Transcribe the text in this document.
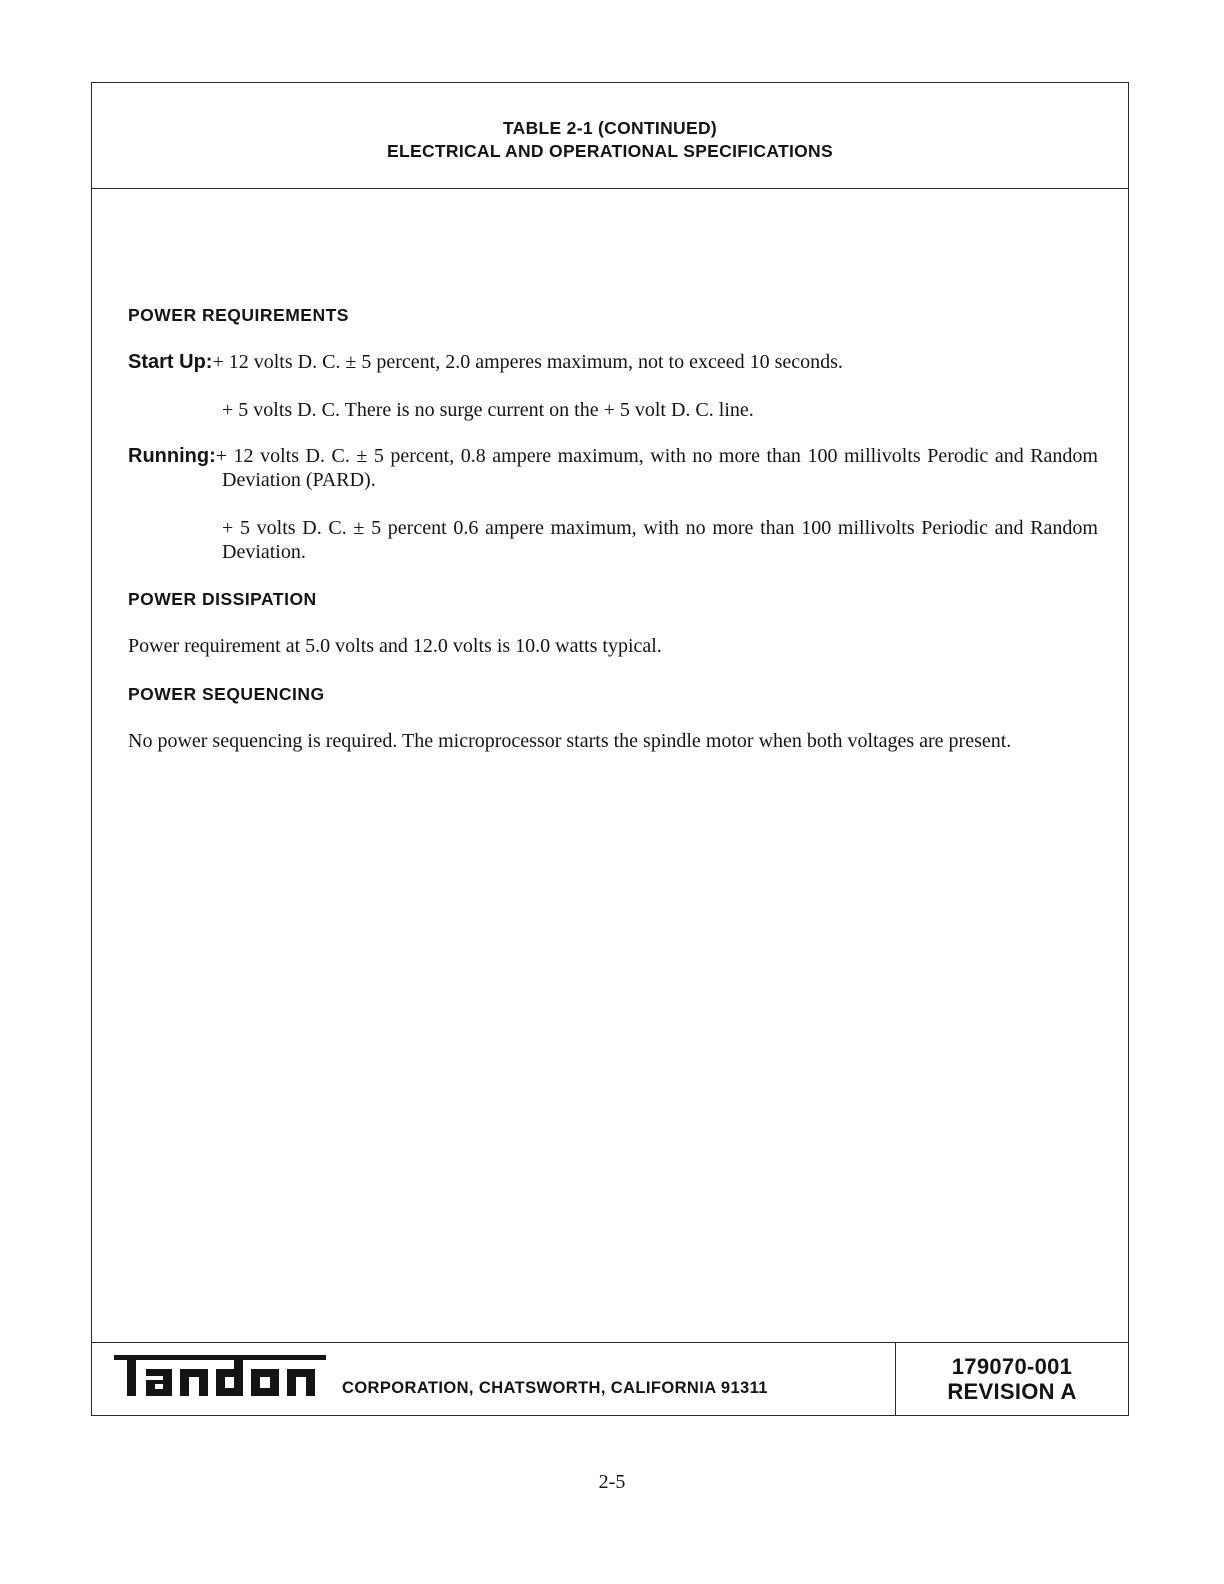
TABLE 2-1 (CONTINUED)
ELECTRICAL AND OPERATIONAL SPECIFICATIONS
POWER REQUIREMENTS

Start Up:+ 12 volts D. C. ± 5 percent, 2.0 amperes maximum, not to exceed 10 seconds.

+ 5 volts D. C. There is no surge current on the + 5 volt D. C. line.

Running:+ 12 volts D. C. ± 5 percent, 0.8 ampere maximum, with no more than 100 millivolts Perodic and Random Deviation (PARD).

+ 5 volts D. C. ± 5 percent 0.6 ampere maximum, with no more than 100 millivolts Periodic and Random Deviation.

POWER DISSIPATION

Power requirement at 5.0 volts and 12.0 volts is 10.0 watts typical.

POWER SEQUENCING

No power sequencing is required. The microprocessor starts the spindle motor when both voltages are present.

CORPORATION, CHATSWORTH, CALIFORNIA 91311
179070-001
REVISION A
2-5
